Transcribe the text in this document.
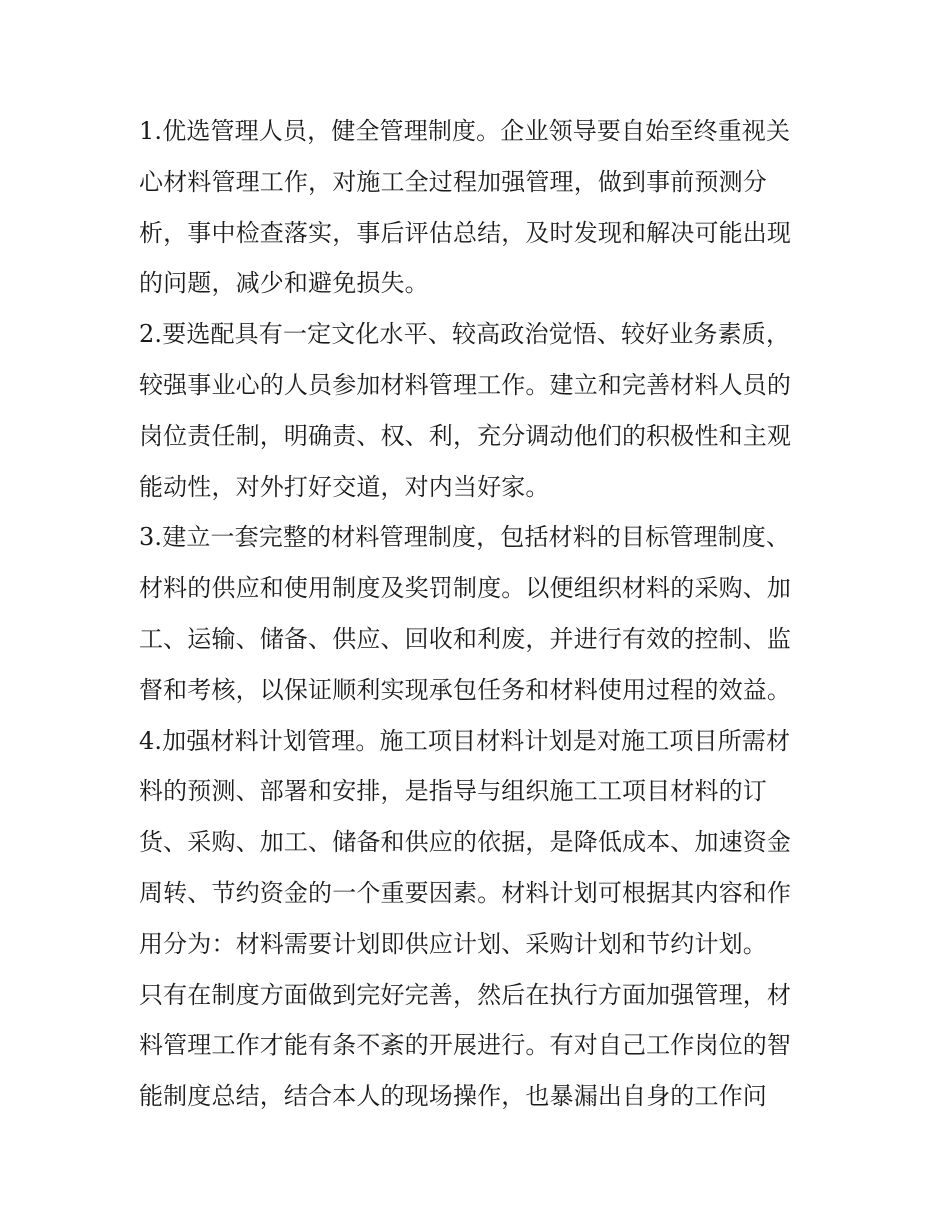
1.优选管理人员，健全管理制度。企业领导要自始至终重视关
心材料管理工作，对施工全过程加强管理，做到事前预测分
析，事中检查落实，事后评估总结，及时发现和解决可能出现
的问题，减少和避免损失。
2.要选配具有一定文化水平、较高政治觉悟、较好业务素质，
较强事业心的人员参加材料管理工作。建立和完善材料人员的
岗位责任制，明确责、权、利，充分调动他们的积极性和主观
能动性，对外打好交道，对内当好家。
3.建立一套完整的材料管理制度，包括材料的目标管理制度、
材料的供应和使用制度及奖罚制度。以便组织材料的采购、加
工、运输、储备、供应、回收和利废，并进行有效的控制、监
督和考核，以保证顺利实现承包任务和材料使用过程的效益。
4.加强材料计划管理。施工项目材料计划是对施工项目所需材
料的预测、部署和安排，是指导与组织施工工项目材料的订
货、采购、加工、储备和供应的依据，是降低成本、加速资金
周转、节约资金的一个重要因素。材料计划可根据其内容和作
用分为：材料需要计划即供应计划、采购计划和节约计划。
只有在制度方面做到完好完善，然后在执行方面加强管理，材
料管理工作才能有条不紊的开展进行。有对自己工作岗位的智
能制度总结，结合本人的现场操作，也暴漏出自身的工作问
